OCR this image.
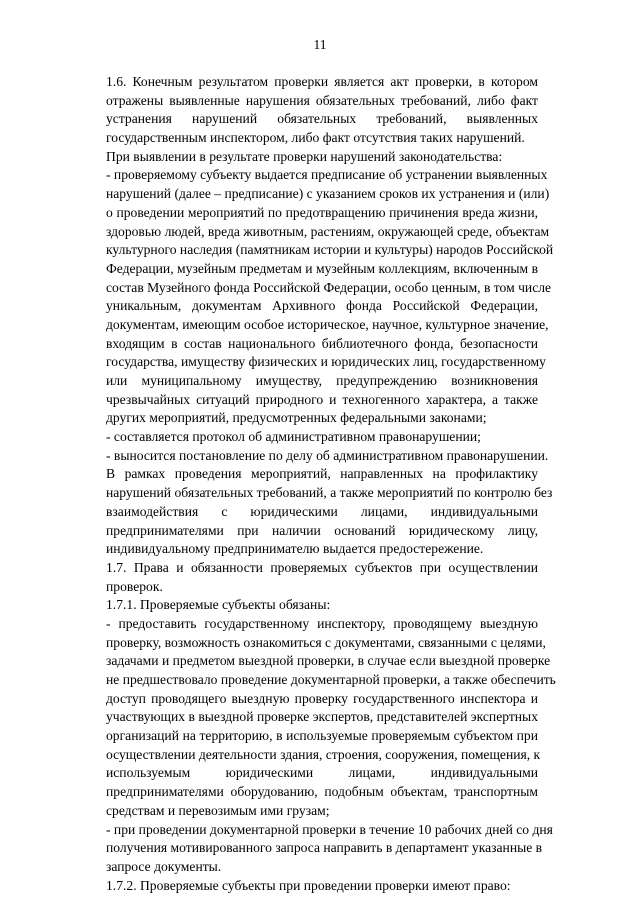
11
1.6. Конечным результатом проверки является акт проверки, в котором
отражены выявленные нарушения обязательных требований, либо факт
устранения нарушений обязательных требований, выявленных
государственным инспектором, либо факт отсутствия таких нарушений.
При выявлении в результате проверки нарушений законодательства:
- проверяемому субъекту выдается предписание об устранении выявленных
нарушений (далее – предписание) с указанием сроков их устранения и (или)
о проведении мероприятий по предотвращению причинения вреда жизни,
здоровью людей, вреда животным, растениям, окружающей среде, объектам
культурного наследия (памятникам истории и культуры) народов Российской
Федерации, музейным предметам и музейным коллекциям, включенным в
состав Музейного фонда Российской Федерации, особо ценным, в том числе
уникальным, документам Архивного фонда Российской Федерации,
документам, имеющим особое историческое, научное, культурное значение,
входящим в состав национального библиотечного фонда, безопасности
государства, имуществу физических и юридических лиц, государственному
или муниципальному имуществу, предупреждению возникновения
чрезвычайных ситуаций природного и техногенного характера, а также
других мероприятий, предусмотренных федеральными законами;
- составляется протокол об административном правонарушении;
- выносится постановление по делу об административном правонарушении.
В рамках проведения мероприятий, направленных на профилактику
нарушений обязательных требований, а также мероприятий по контролю без
взаимодействия с юридическими лицами, индивидуальными
предпринимателями при наличии оснований юридическому лицу,
индивидуальному предпринимателю выдается предостережение.
1.7. Права и обязанности проверяемых субъектов при осуществлении
проверок.
1.7.1. Проверяемые субъекты обязаны:
- предоставить государственному инспектору, проводящему выездную
проверку, возможность ознакомиться с документами, связанными с целями,
задачами и предметом выездной проверки, в случае если выездной проверке
не предшествовало проведение документарной проверки, а также обеспечить
доступ проводящего выездную проверку государственного инспектора и
участвующих в выездной проверке экспертов, представителей экспертных
организаций на территорию, в используемые проверяемым субъектом при
осуществлении деятельности здания, строения, сооружения, помещения, к
используемым юридическими лицами, индивидуальными
предпринимателями оборудованию, подобным объектам, транспортным
средствам и перевозимым ими грузам;
- при проведении документарной проверки в течение 10 рабочих дней со дня
получения мотивированного запроса направить в департамент указанные в
запросе документы.
1.7.2. Проверяемые субъекты при проведении проверки имеют право:
